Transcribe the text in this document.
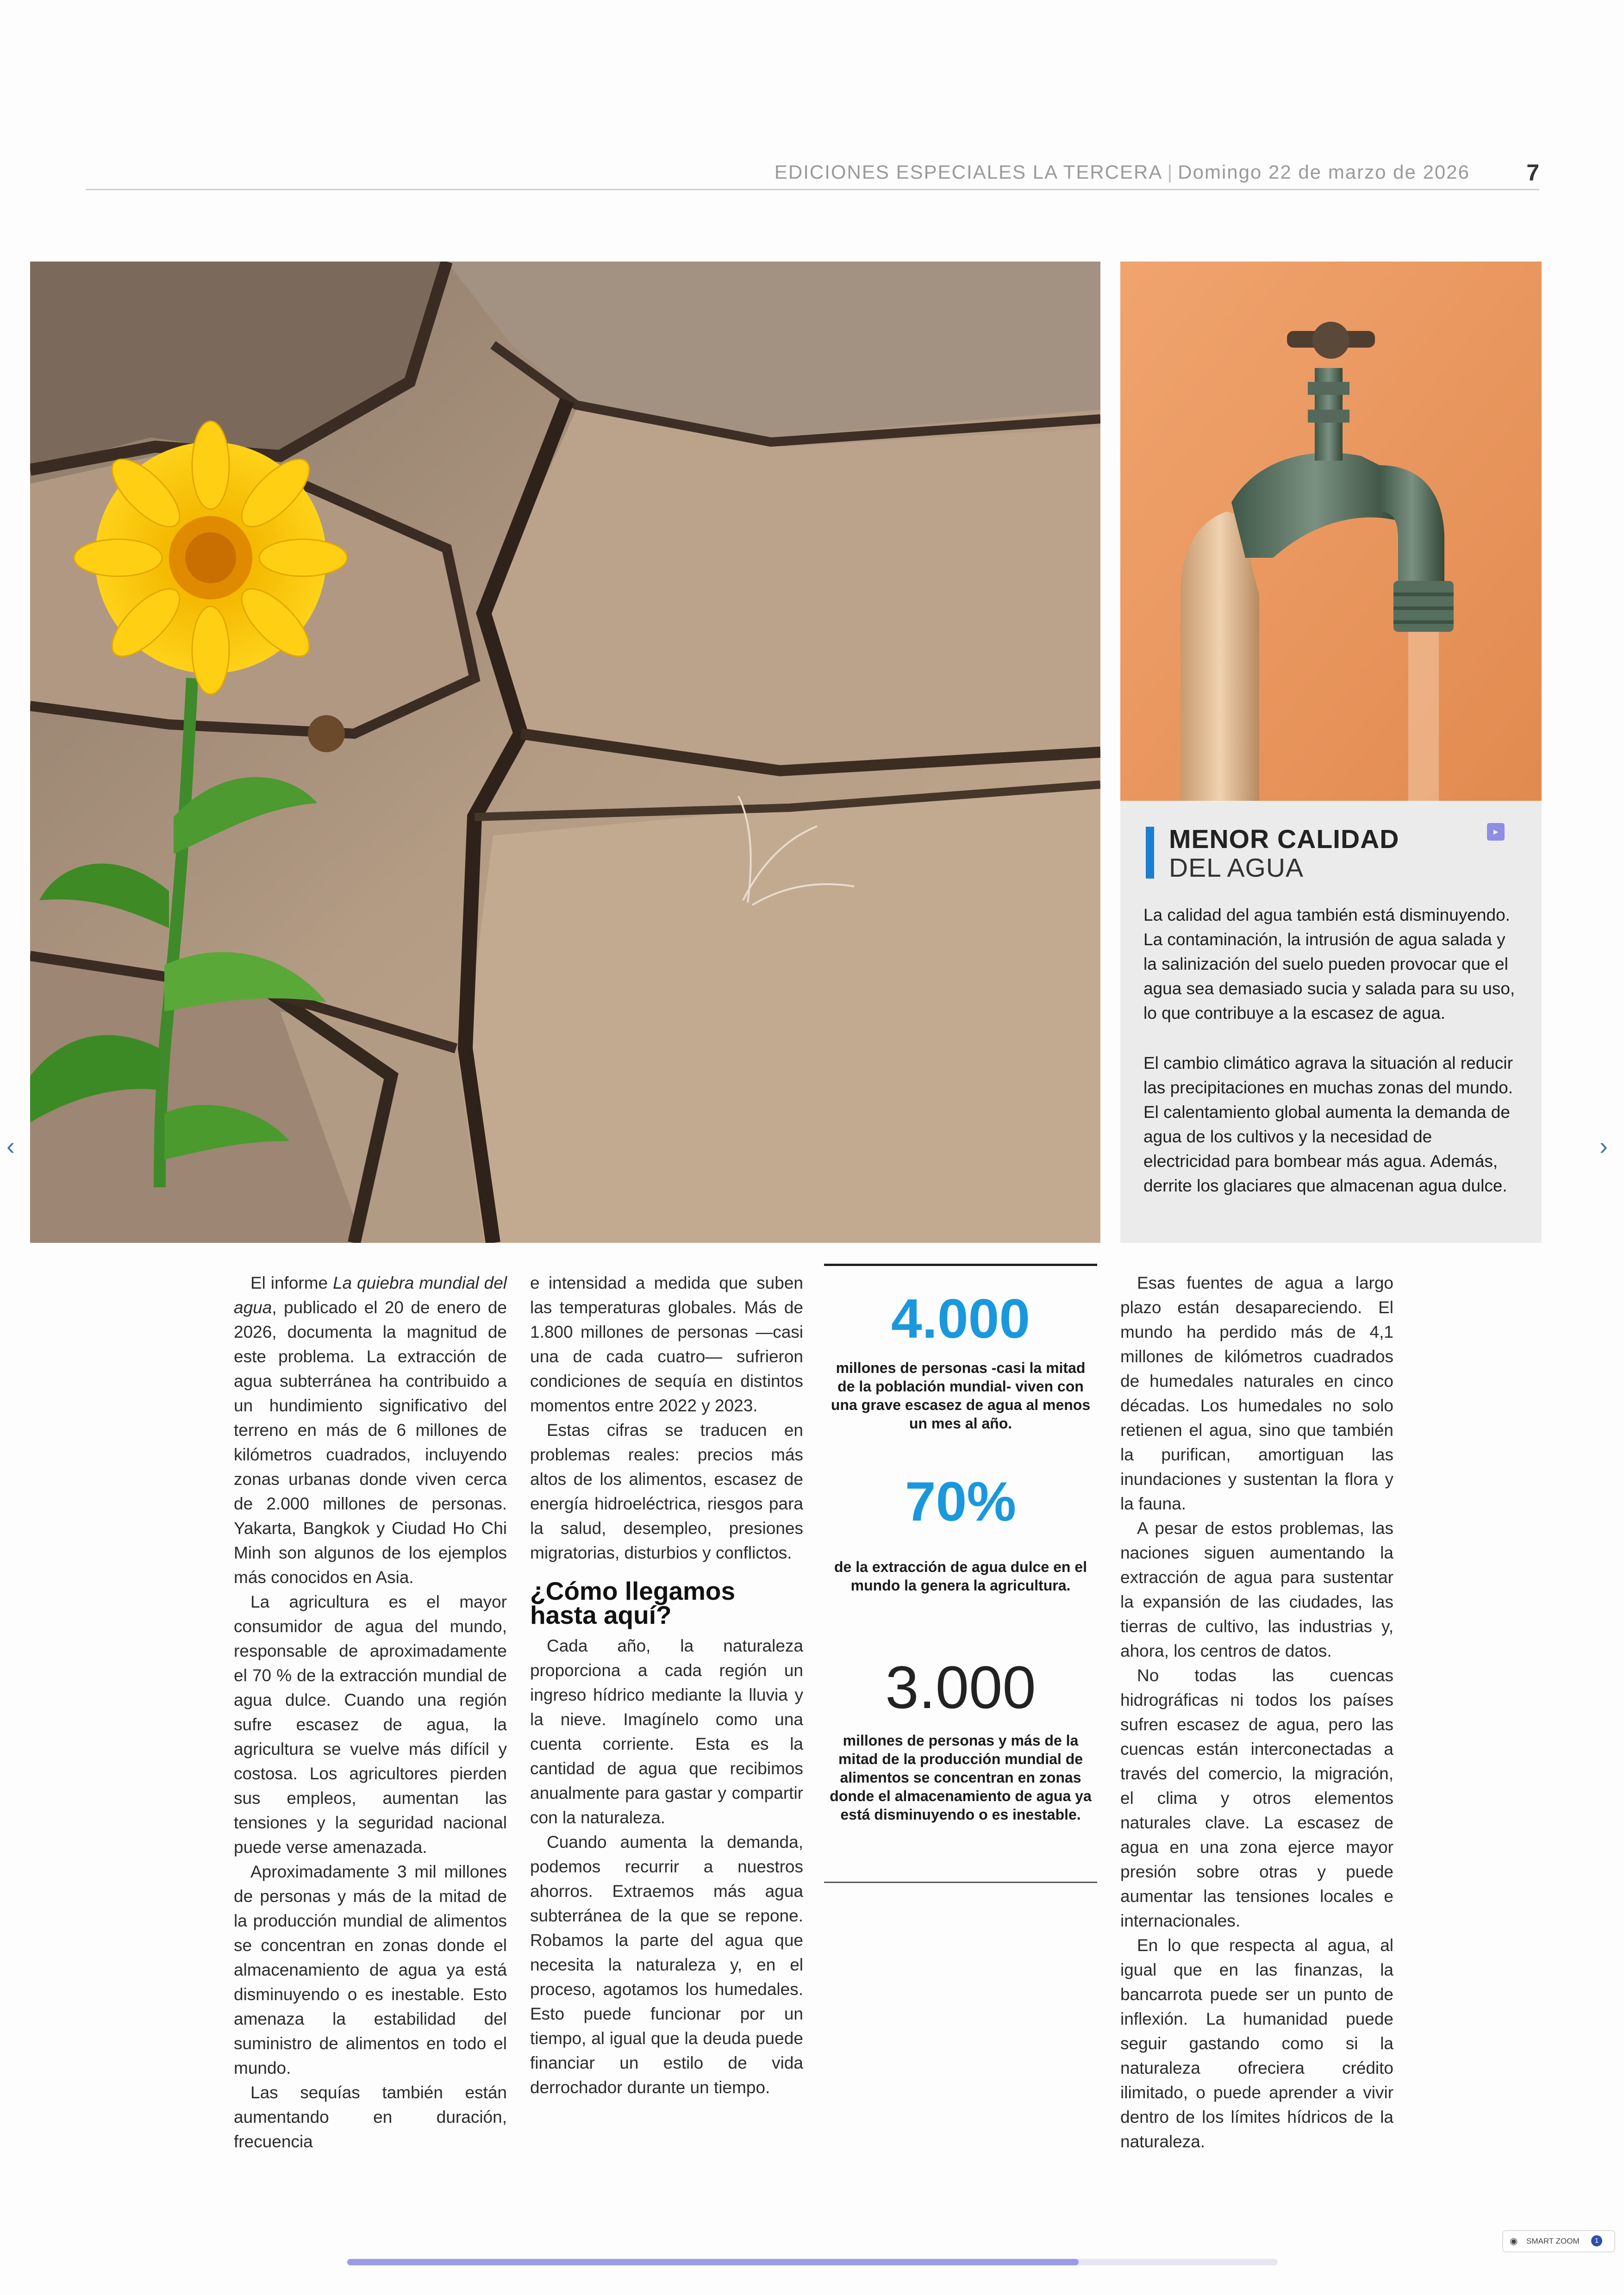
EDICIONES ESPECIALES LA TERCERA | Domingo 22 de marzo de 2026 7
MENOR CALIDAD
DEL AGUA
▸
La calidad del agua también está disminuyendo. La contaminación, la intrusión de agua salada y la salinización del suelo pueden provocar que el agua sea demasiado sucia y salada para su uso, lo que contribuye a la escasez de agua.
El cambio climático agrava la situación al reducir las precipitaciones en muchas zonas del mundo. El calentamiento global aumenta la demanda de agua de los cultivos y la necesidad de electricidad para bombear más agua. Además, derrite los glaciares que almacenan agua dulce.

El informe La quiebra mundial del agua, publicado el 20 de enero de 2026, documenta la magnitud de este problema. La extracción de agua subterránea ha contribuido a un hundimiento significativo del terreno en más de 6 millones de kilómetros cuadrados, incluyendo zonas urbanas donde viven cerca de 2.000 millones de personas. Yakarta, Bangkok y Ciudad Ho Chi Minh son algunos de los ejemplos más conocidos en Asia.

La agricultura es el mayor consumidor de agua del mundo, responsable de aproximadamente el 70 % de la extracción mundial de agua dulce. Cuando una región sufre escasez de agua, la agricultura se vuelve más difícil y costosa. Los agricultores pierden sus empleos, aumentan las tensiones y la seguridad nacional puede verse amenazada.

Aproximadamente 3 mil millones de personas y más de la mitad de la producción mundial de alimentos se concentran en zonas donde el almacenamiento de agua ya está disminuyendo o es inestable. Esto amenaza la estabilidad del suministro de alimentos en todo el mundo.

Las sequías también están aumentando en duración, frecuencia

e intensidad a medida que suben las temperaturas globales. Más de 1.800 millones de personas —casi una de cada cuatro— sufrieron condiciones de sequía en distintos momentos entre 2022 y 2023.

Estas cifras se traducen en problemas reales: precios más altos de los alimentos, escasez de energía hidroeléctrica, riesgos para la salud, desempleo, presiones migratorias, disturbios y conflictos.

¿Cómo llegamos hasta aquí?

Cada año, la naturaleza proporciona a cada región un ingreso hídrico mediante la lluvia y la nieve. Imagínelo como una cuenta corriente. Esta es la cantidad de agua que recibimos anualmente para gastar y compartir con la naturaleza.

Cuando aumenta la demanda, podemos recurrir a nuestros ahorros. Extraemos más agua subterránea de la que se repone. Robamos la parte del agua que necesita la naturaleza y, en el proceso, agotamos los humedales. Esto puede funcionar por un tiempo, al igual que la deuda puede financiar un estilo de vida derrochador durante un tiempo.

4.000
millones de personas -casi la mitad de la población mundial- viven con una grave escasez de agua al menos un mes al año.
70%
de la extracción de agua dulce en el mundo la genera la agricultura.
3.000
millones de personas y más de la mitad de la producción mundial de alimentos se concentran en zonas donde el almacenamiento de agua ya está disminuyendo o es inestable.

Esas fuentes de agua a largo plazo están desapareciendo. El mundo ha perdido más de 4,1 millones de kilómetros cuadrados de humedales naturales en cinco décadas. Los humedales no solo retienen el agua, sino que también la purifican, amortiguan las inundaciones y sustentan la flora y la fauna.

A pesar de estos problemas, las naciones siguen aumentando la extracción de agua para sustentar la expansión de las ciudades, las tierras de cultivo, las industrias y, ahora, los centros de datos.

No todas las cuencas hidrográficas ni todos los países sufren escasez de agua, pero las cuencas están interconectadas a través del comercio, la migración, el clima y otros elementos naturales clave. La escasez de agua en una zona ejerce mayor presión sobre otras y puede aumentar las tensiones locales e internacionales.

En lo que respecta al agua, al igual que en las finanzas, la bancarrota puede ser un punto de inflexión. La humanidad puede seguir gastando como si la naturaleza ofreciera crédito ilimitado, o puede aprender a vivir dentro de los límites hídricos de la naturaleza.

‹	›
◉ SMART ZOOM	1
